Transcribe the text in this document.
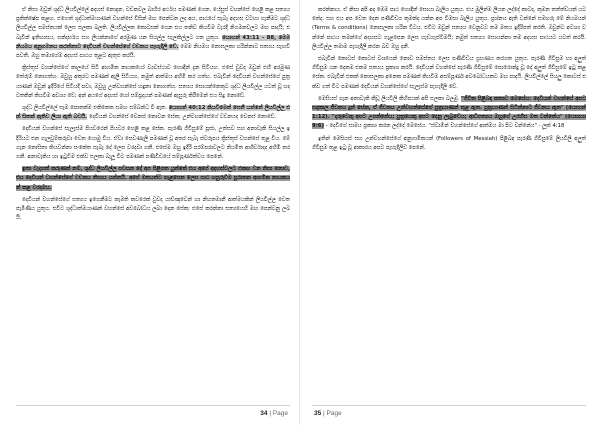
ඒ නිසා ඔවුන් ශු‍ද්ධ ලියවිල්ලේ අදහස් නොදැන, වචනවල බාහිර අර්ථය පමණක් ගෙන, යේසුස් වහන්සේ හෙළි කළ සත්‍යය ප්‍රතික්ෂේප කළහ. එහෙත් ශු‍ද්ධාත්මයාණන් වහන්සේ විසින් මඟ පෙන්වන ලද අය, පාඨයේ සැබෑ අදහස වටහා ගැනීමට ශු‍ද්ධ ලියවිල්ල සමස්තයක් ලෙස සලකා බලති. ලියවිල්ලක කොටසක් ගෙන එය තනිව කියවීම වැරදි නිගමනවලට මඟ පාදයි; එබැවින් ඉතිහාසය, සන්දර්භය සහ ලියන්නාගේ අරමුණ යන සියල්ල සැලකිල්ලට ගත යුතුය. යොහන් 43:11 - 88, මෙම නියමය අනුගමනය කරන්නාට දෙවියන් වහන්සේගේ වචනය පැහැදිලි වේ. මෙම නියමය නොසලකා හරින්නාට සත්‍යය සැඟවී පවතී, ඔහු තමාගේම අදහස් පාඨය තුළට ඇතුළු කරයි.

ක්‍රිස්තුස් වහන්සේගේ කාලයේ සිටි ආගමික නායකයෝ ව්‍යවස්ථාව හොඳින් දැන සිටියහ. එසේ වුවද ඔවුන් එහි අරමුණ තේරුම් නොගත්හ. ඔවුහු අකුරට පමණක් ඇලී සිටියහ, නමුත් ආත්මය අහිමි කර ගත්හ. එබැවින් දෙවියන් වහන්සේගේ පුත්‍රයාණන් ඔවුන් ඉදිරියේ සිටියදී පවා, ඔවුහු උන්වහන්සේ හඳුනා නොගත්හ. සත්‍යය සොයන්නෙකුට ශු‍ද්ධ ලියවිල්ල යටත් වූ හදවතකින් කියවීම අවශ්‍ය වේ; අන් අයගේ අදහස් හෝ සම්ප්‍රදායන් පමණක් ඇසුරු කිරීමෙන් එය සිදු නොවේ.

ශු‍ද්ධ ලියවිල්ලේ සෑම පොතක්ම එකිනෙක සමඟ සම්බන්ධ වී ඇත. යොහන් 40:12 කියවීමෙන් පෙනී යන්නේ ලියවිල්ල එක් සිතක් ඇතිව ලියා ඇති බවයි. දෙවියන් වහන්සේ වෙනස් නොවන සේක; උන්වහන්සේගේ වචනයද වෙනස් නොවේ.

දෙවියන් වහන්සේ සැලැස්ම පියවරෙන් පියවර හෙළි කළ සේක. පැරණි ගිවිසුමේ පූජා, උත්සව සහ අනාවැකි සියල්ල ඉදිරියට එන ගැලවුම්කරුවා වෙත යොමු විය. ඒවා සෙවණැලි පමණක් වූ අතර සැබෑ ස්වරූපය ක්‍රිස්තුස් වහන්සේ තුළ විය. මේ ගැන නොසිතා කියවන්නා සංකේත සැබෑ දේ ලෙස වරදවා ගනී. එසේම ඔහු ඉදිරි පරම්පරාවලට නියමිත ආශීර්වාදද අහිමි කර ගනී. අනාවැකිය හා ඉටුවීම එක්ව සලකා බැලූ විට පමණක් පණිවිඩයේ සම්පූර්ණත්වය පෙනේ.

ඉතා වැදගත් කරුණක් නම්, ශු‍ද්ධ ලියවිල්ල පවසන දේ අප පිළිගත යුත්තේ එය අපේ අදහස්වලට එකඟ වන නිසා නොව, එය දෙවියන් වහන්සේගේ වචනය නිසාය යන්නයි. අපේ මතයන්ට ගැළපෙන ලෙස පාඨ හසුරුවීම පුරාතන ආගමික නායකයන් කළ වරදමය.

දෙවියන් වහන්සේගේ සත්‍යය ඉගෙනීමට කැමති කවරෙක් වුවද යාච්ඤාවෙන් හා නිහතමානී ආත්මයකින් ලියවිල්ල වෙත පැමිණිය යුතුය. එවිට ශු‍ද්ධාත්මයාණන් වහන්සේ අවබෝධය ලබා දෙන සේක; එසේ කරන්නා සත්‍යයෙහි මඟ පෙන්වනු ලබයි.

34 | Page

කරන්නාය. ඒ නිසා අපි අද මෙම පාඨ හොඳින් සොයා බැලිය යුතුය. එය මුලින්ම ලියන ලද්දේ කාටද, කුමන තත්ත්වයක් යටතේද, සහ එය අප වෙත දෙන පණිවිඩය කුමක්ද යන්න අප විමසා බැලිය යුතුය. ප්‍රශ්නය ඇති වන්නේ සමහරු මේ නියමයන් (Terms & conditions) නොසලකා හරින විටය. එවිට ඔවුන් සත්‍යය වෙනුවට තම මතය ඉදිරිපත් කරති. ඔවුන්ට අවශ්‍ය වන්නේ පාඨය තමන්ගේ අදහසට ගැළපෙන ලෙස හැඩගැස්වීමයි; නමුත් සත්‍යය සොයන්නා තම අදහස පාඨයට යටත් කරයි. ලියවිල්ල තමාම පැහැදිලි කරන බව ඔහු දනී.

එබැවින් කොටස් කොටස් වශයෙන් නොව සමස්තය ලෙස පණිවිඩය ග්‍රහණය කරගත යුතුය. පැරණි ගිවිසුම හා අලුත් ගිවිසුම යන දෙකම එකම සත්‍යය ප්‍රකාශ කරයි. දෙවියන් වහන්සේ පැරණි ගිවිසුමේ පොරොන්දු වූ දේ අලුත් ගිවිසුමේ ඉටු කළ සේක. එබැවින් එකක් නොසලකා අනෙක පමණක් කියවීම අසම්පූර්ණ අවබෝධයකට මඟ පාදයි. ලියවිල්ලේ සියලු කොටස් එක්ව ගත් විට පමණක් දෙවියන් වහන්සේගේ සැලැස්ම පැහැදිලි වේ.

මෙසියස් ගැන අනාවැකි කීවූ ලියවිලි කිහිපයක් අපි සලකා බලමු. "ජීවිත පිළිබඳ කතාව මෙසේය: දෙවියන් වහන්සේ අපට සදාකාල ජීවනය දුන් සේක, ඒ ජීවනය උන්වහන්සේගේ පුත්‍රයාණන් තුළ ඇත. පුත්‍රයාණන් සිටින්නාට ජීවනය ඇත" (යොහන් 1:12). "දරුවෙකු අපට උපන්නේය; පුත්‍රයෙකු අපට දෙනු ලැබුවේය; ආධිපත්‍යය ඔහුගේ උරහිස මත වන්නේය" (යෙසායා 9:6) - දෙවිගේ සාමය ප්‍රකාශ කරන ලද්දේ මෙසේය. "ස්වාමීන් වහන්සේගේ ආත්මය මා පිට වන්නේය" - ලූක් 4:18

ඉතින් මෙසියස් සහ උන්වහන්සේගේ අනුගාමිකයන් (Followers of Messiah) පිළිබඳ පැරණි ගිවිසුමේ ලියවිලි අලුත් ගිවිසුම තුළ ඉටු වූ ආකාරය අපට පැහැදිලිව පෙනේ.

35 | Page
